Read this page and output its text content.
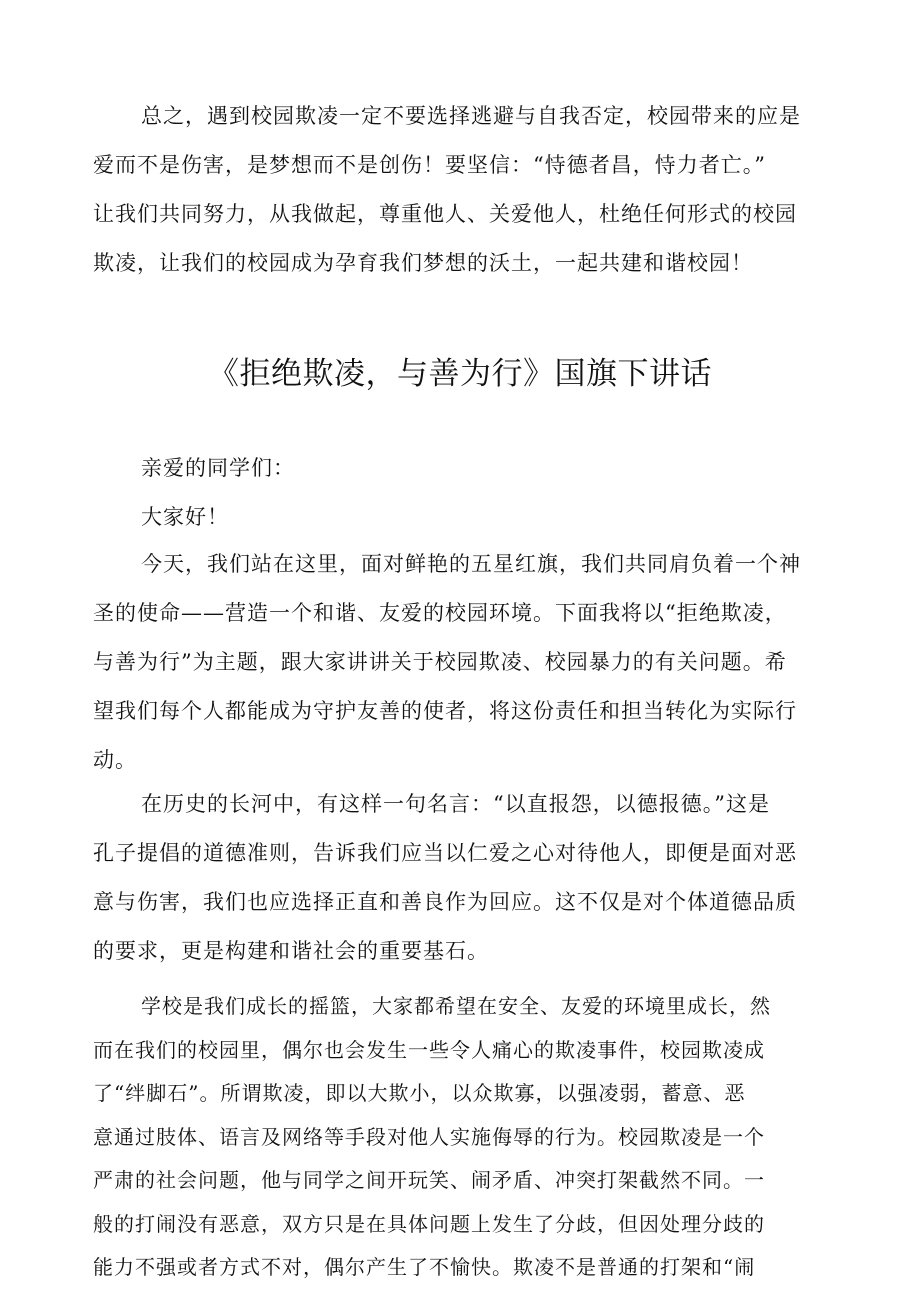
总之，遇到校园欺凌一定不要选择逃避与自我否定，校园带来的应是
爱而不是伤害，是梦想而不是创伤！要坚信：“恃德者昌，恃力者亡。”
让我们共同努力，从我做起，尊重他人、关爱他人，杜绝任何形式的校园
欺凌，让我们的校园成为孕育我们梦想的沃土，一起共建和谐校园！

《拒绝欺凌，与善为行》国旗下讲话

亲爱的同学们：
大家好！

今天，我们站在这里，面对鲜艳的五星红旗，我们共同肩负着一个神
圣的使命——营造一个和谐、友爱的校园环境。下面我将以“拒绝欺凌，
与善为行”为主题，跟大家讲讲关于校园欺凌、校园暴力的有关问题。希
望我们每个人都能成为守护友善的使者，将这份责任和担当转化为实际行
动。

在历史的长河中，有这样一句名言：“以直报怨，以德报德。”这是
孔子提倡的道德准则，告诉我们应当以仁爱之心对待他人，即便是面对恶
意与伤害，我们也应选择正直和善良作为回应。这不仅是对个体道德品质
的要求，更是构建和谐社会的重要基石。

学校是我们成长的摇篮，大家都希望在安全、友爱的环境里成长，然
而在我们的校园里，偶尔也会发生一些令人痛心的欺凌事件，校园欺凌成
了“绊脚石”。所谓欺凌，即以大欺小，以众欺寡，以强凌弱，蓄意、恶
意通过肢体、语言及网络等手段对他人实施侮辱的行为。校园欺凌是一个
严肃的社会问题，他与同学之间开玩笑、闹矛盾、冲突打架截然不同。一
般的打闹没有恶意，双方只是在具体问题上发生了分歧，但因处理分歧的
能力不强或者方式不对，偶尔产生了不愉快。欺凌不是普通的打架和“闹
